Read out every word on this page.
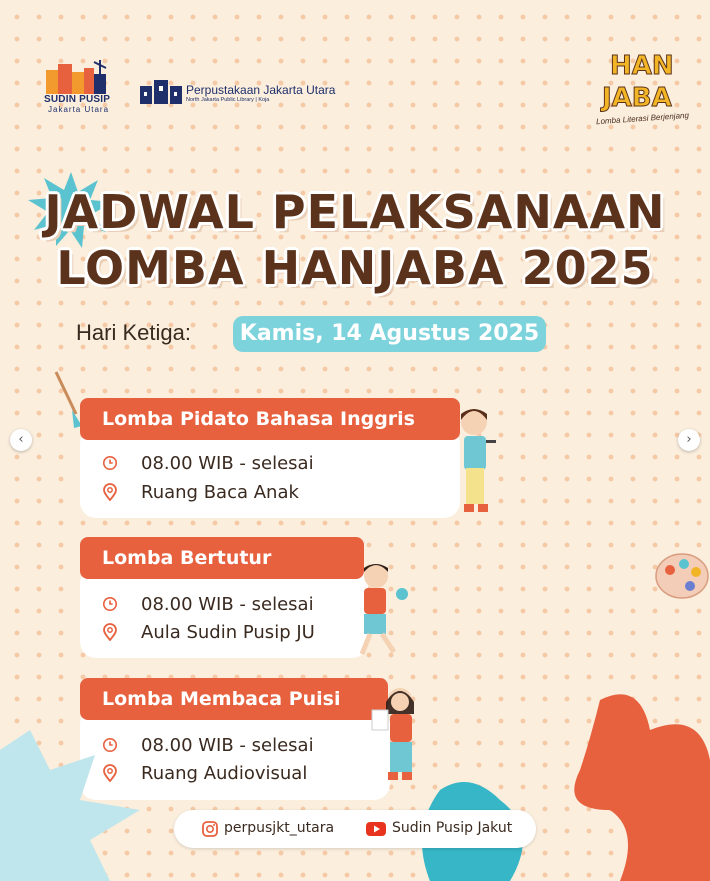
SUDIN PUSIP
Jakarta Utara
Perpustakaan Jakarta Utara
North Jakarta Public Library | Koja
HAN
JABA
Lomba Literasi Berjenjang
JADWAL PELAKSANAAN
LOMBA HANJABA 2025
Hari Ketiga:	Kamis, 14 Agustus 2025
Lomba Pidato Bahasa Inggris
08.00 WIB - selesai
Ruang Baca Anak
Lomba Bertutur
08.00 WIB - selesai
Aula Sudin Pusip JU
Lomba Membaca Puisi
08.00 WIB - selesai
Ruang Audiovisual
perpusjkt_utara	Sudin Pusip Jakut
‹	›
